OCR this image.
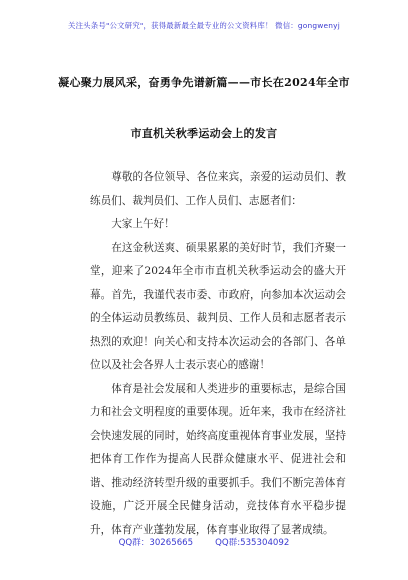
关注头条号"公文研究"，获得最新最全最专业的公文资料库！ 微信：gongwenyj
凝心聚力展风采，奋勇争先谱新篇——市长在2024年全市
市直机关秋季运动会上的发言

尊敬的各位领导、各位来宾，亲爱的运动员们、教练员们、裁判员们、工作人员们、志愿者们：

大家上午好！

在这金秋送爽、硕果累累的美好时节，我们齐聚一堂，迎来了2024年全市市直机关秋季运动会的盛大开幕。首先，我谨代表市委、市政府，向参加本次运动会的全体运动员教练员、裁判员、工作人员和志愿者表示热烈的欢迎！向关心和支持本次运动会的各部门、各单位以及社会各界人士表示衷心的感谢！

体育是社会发展和人类进步的重要标志，是综合国力和社会文明程度的重要体现。近年来，我市在经济社会快速发展的同时，始终高度重视体育事业发展，坚持把体育工作作为提高人民群众健康水平、促进社会和谐、推动经济转型升级的重要抓手。我们不断完善体育设施，广泛开展全民健身活动，竞技体育水平稳步提升，体育产业蓬勃发展，体育事业取得了显著成绩。

QQ群：30265665	QQ群:535304092
